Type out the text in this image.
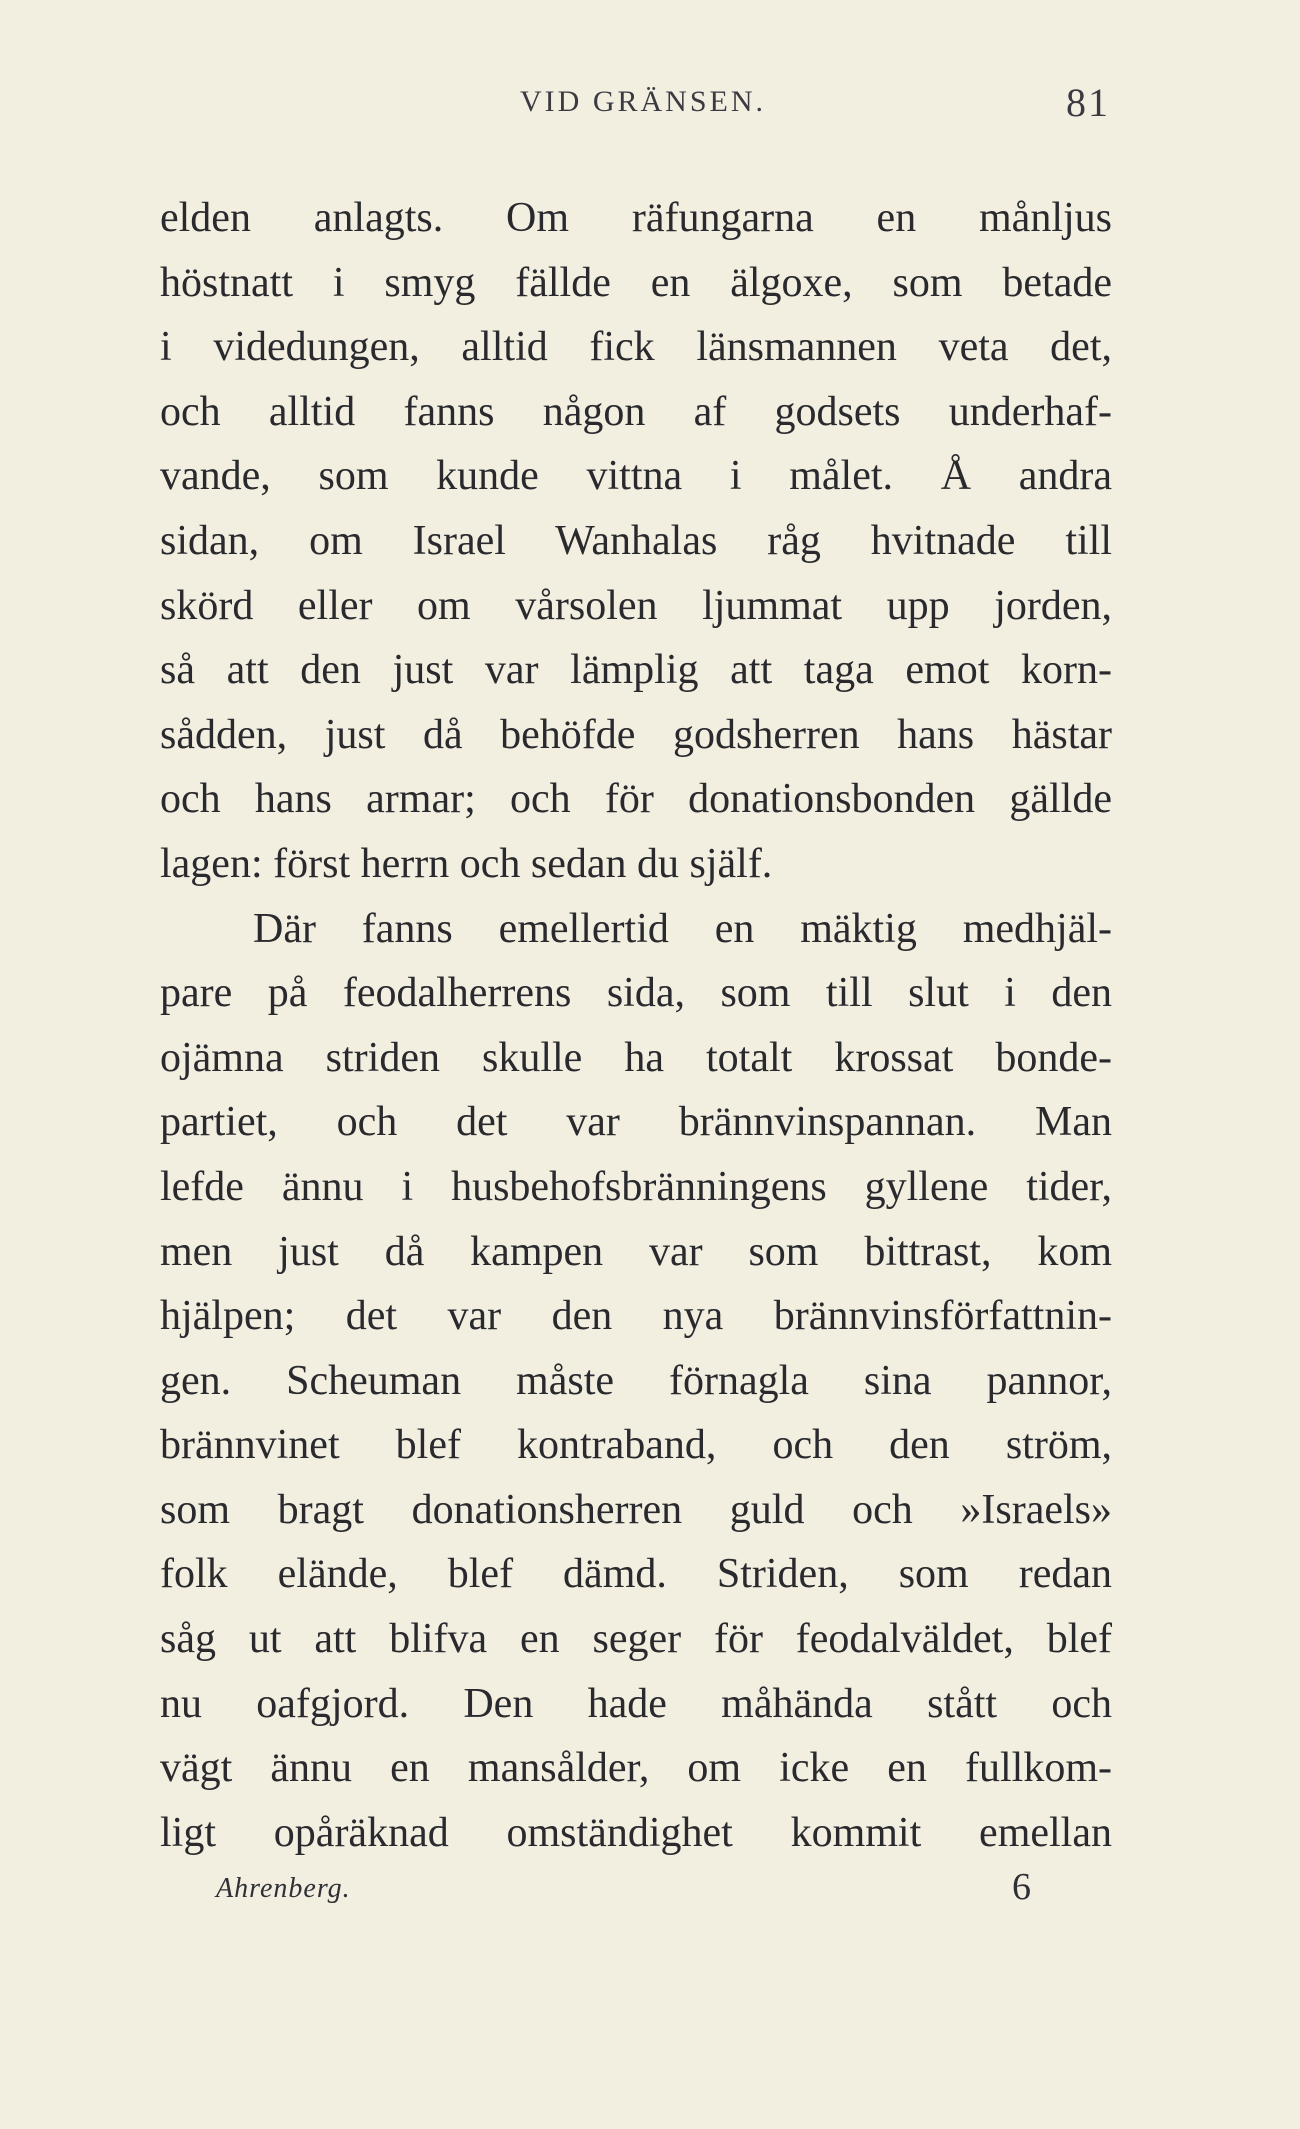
VID GRÄNSEN.	81
elden anlagts. Om räfungarna en månljus
höstnatt i smyg fällde en älgoxe, som betade
i videdungen, alltid fick länsmannen veta det,
och alltid fanns någon af godsets underhaf-
vande, som kunde vittna i målet. Å andra
sidan, om Israel Wanhalas råg hvitnade till
skörd eller om vårsolen ljummat upp jorden,
så att den just var lämplig att taga emot korn-
sådden, just då behöfde godsherren hans hästar
och hans armar; och för donationsbonden gällde
lagen: först herrn och sedan du själf.
Där fanns emellertid en mäktig medhjäl-
pare på feodalherrens sida, som till slut i den
ojämna striden skulle ha totalt krossat bonde-
partiet, och det var brännvinspannan. Man
lefde ännu i husbehofsbränningens gyllene tider,
men just då kampen var som bittrast, kom
hjälpen; det var den nya brännvinsförfattnin-
gen. Scheuman måste förnagla sina pannor,
brännvinet blef kontraband, och den ström,
som bragt donationsherren guld och »Israels»
folk elände, blef dämd. Striden, som redan
såg ut att blifva en seger för feodalväldet, blef
nu oafgjord. Den hade måhända stått och
vägt ännu en mansålder, om icke en fullkom-
ligt opåräknad omständighet kommit emellan
Ahrenberg.	6
